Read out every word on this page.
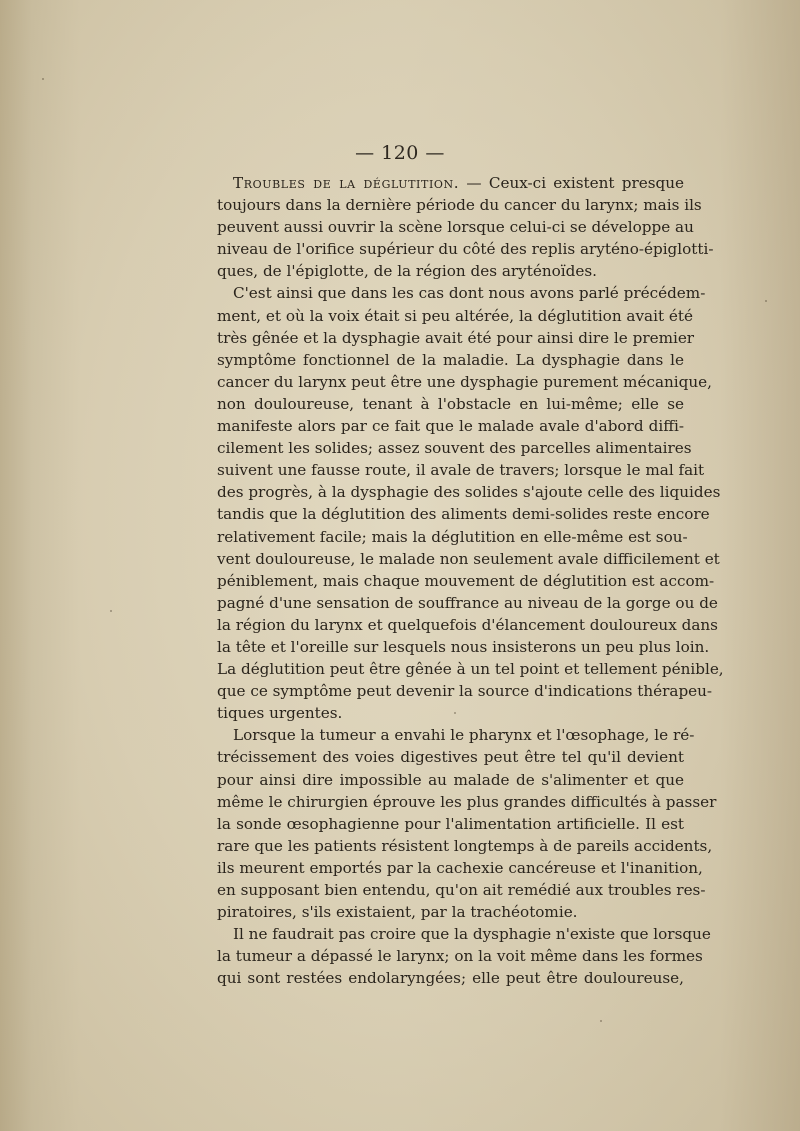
— 120 —
Troubles de la déglutition. — Ceux-ci existent presque
toujours dans la dernière période du cancer du larynx; mais ils
peuvent aussi ouvrir la scène lorsque celui-ci se développe au
niveau de l'orifice supérieur du côté des replis aryténo-épiglotti-
ques, de l'épiglotte, de la région des aryténoïdes.
C'est ainsi que dans les cas dont nous avons parlé précédem-
ment, et où la voix était si peu altérée, la déglutition avait été
très gênée et la dysphagie avait été pour ainsi dire le premier
symptôme fonctionnel de la maladie. La dysphagie dans le
cancer du larynx peut être une dysphagie purement mécanique,
non douloureuse, tenant à l'obstacle en lui-même; elle se
manifeste alors par ce fait que le malade avale d'abord diffi-
cilement les solides; assez souvent des parcelles alimentaires
suivent une fausse route, il avale de travers; lorsque le mal fait
des progrès, à la dysphagie des solides s'ajoute celle des liquides
tandis que la déglutition des aliments demi-solides reste encore
relativement facile; mais la déglutition en elle-même est sou-
vent douloureuse, le malade non seulement avale difficilement et
péniblement, mais chaque mouvement de déglutition est accom-
pagné d'une sensation de souffrance au niveau de la gorge ou de
la région du larynx et quelquefois d'élancement douloureux dans
la tête et l'oreille sur lesquels nous insisterons un peu plus loin.
La déglutition peut être gênée à un tel point et tellement pénible,
que ce symptôme peut devenir la source d'indications thérapeu-
tiques urgentes.
Lorsque la tumeur a envahi le pharynx et l'œsophage, le ré-
trécissement des voies digestives peut être tel qu'il devient
pour ainsi dire impossible au malade de s'alimenter et que
même le chirurgien éprouve les plus grandes difficultés à passer
la sonde œsophagienne pour l'alimentation artificielle. Il est
rare que les patients résistent longtemps à de pareils accidents,
ils meurent emportés par la cachexie cancéreuse et l'inanition,
en supposant bien entendu, qu'on ait remédié aux troubles res-
piratoires, s'ils existaient, par la trachéotomie.
Il ne faudrait pas croire que la dysphagie n'existe que lorsque
la tumeur a dépassé le larynx; on la voit même dans les formes
qui sont restées endolaryngées; elle peut être douloureuse,
